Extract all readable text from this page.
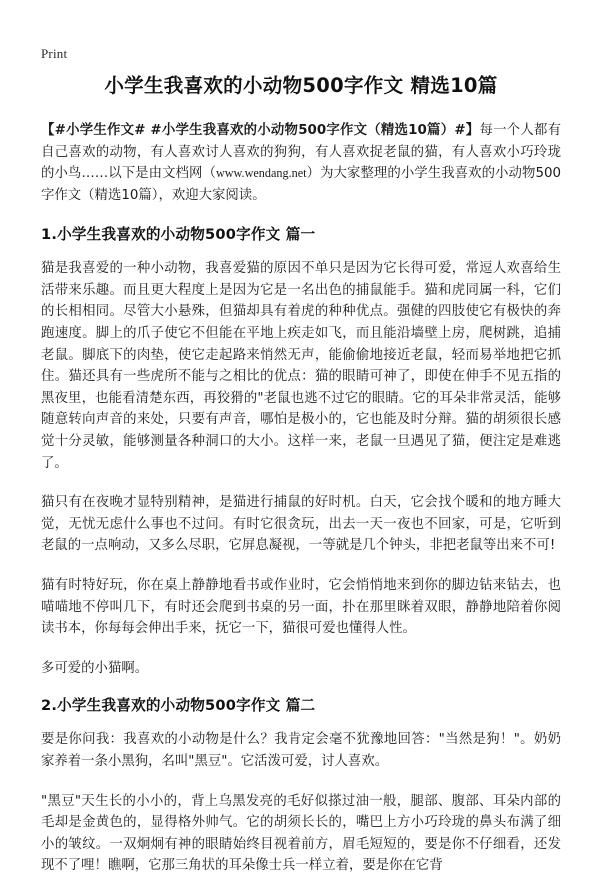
Print
小学生我喜欢的小动物500字作文 精选10篇

【#小学生作文# #小学生我喜欢的小动物500字作文（精选10篇）#】每一个人都有自己喜欢的动物，有人喜欢讨人喜欢的狗狗，有人喜欢捉老鼠的猫，有人喜欢小巧玲珑的小鸟……以下是由文档网（www.wendang.net）为大家整理的小学生我喜欢的小动物500字作文（精选10篇），欢迎大家阅读。

1.小学生我喜欢的小动物500字作文 篇一

猫是我喜爱的一种小动物，我喜爱猫的原因不单只是因为它长得可爱，常逗人欢喜给生活带来乐趣。而且更大程度上是因为它是一名出色的捕鼠能手。猫和虎同属一科，它们的长相相同。尽管大小悬殊，但猫却具有着虎的种种优点。强健的四肢使它有极快的奔跑速度。脚上的爪子使它不但能在平地上疾走如飞，而且能沿墙壁上房，爬树跳，追捕老鼠。脚底下的肉垫，使它走起路来悄然无声，能偷偷地接近老鼠，轻而易举地把它抓住。猫还具有一些虎所不能与之相比的优点：猫的眼睛可神了，即使在伸手不见五指的黑夜里，也能看清楚东西，再狡猾的"老鼠也逃不过它的眼睛。它的耳朵非常灵活，能够随意转向声音的来处，只要有声音，哪怕是极小的，它也能及时分辩。猫的胡须很长感觉十分灵敏，能够测量各种洞口的大小。这样一来，老鼠一旦遇见了猫，便注定是难逃了。

猫只有在夜晚才显特别精神，是猫进行捕鼠的好时机。白天，它会找个暖和的地方睡大觉，无忧无虑什么事也不过问。有时它很贪玩，出去一天一夜也不回家，可是，它听到老鼠的一点响动，又多么尽职，它屏息凝视，一等就是几个钟头，非把老鼠等出来不可!

猫有时特好玩，你在桌上静静地看书或作业时，它会悄悄地来到你的脚边钻来钻去，也喵喵地不停叫几下，有时还会爬到书桌的另一面，扑在那里眯着双眼，静静地陪着你阅读书本，你每每会伸出手来，抚它一下，猫很可爱也懂得人性。

多可爱的小猫啊。

2.小学生我喜欢的小动物500字作文 篇二

要是你问我：我喜欢的小动物是什么？我肯定会毫不犹豫地回答："当然是狗！"。奶奶家养着一条小黑狗，名叫"黑豆"。它活泼可爱，讨人喜欢。

"黑豆"天生长的小小的，背上乌黑发亮的毛好似搽过油一般，腿部、腹部、耳朵内部的毛却是金黄色的，显得格外帅气。它的胡须长长的，嘴巴上方小巧玲珑的鼻头布满了细小的皱纹。一双炯炯有神的眼睛始终目视着前方，眉毛短短的，要是你不仔细看，还发现不了哩！瞧啊，它那三角状的耳朵像士兵一样立着，要是你在它背
